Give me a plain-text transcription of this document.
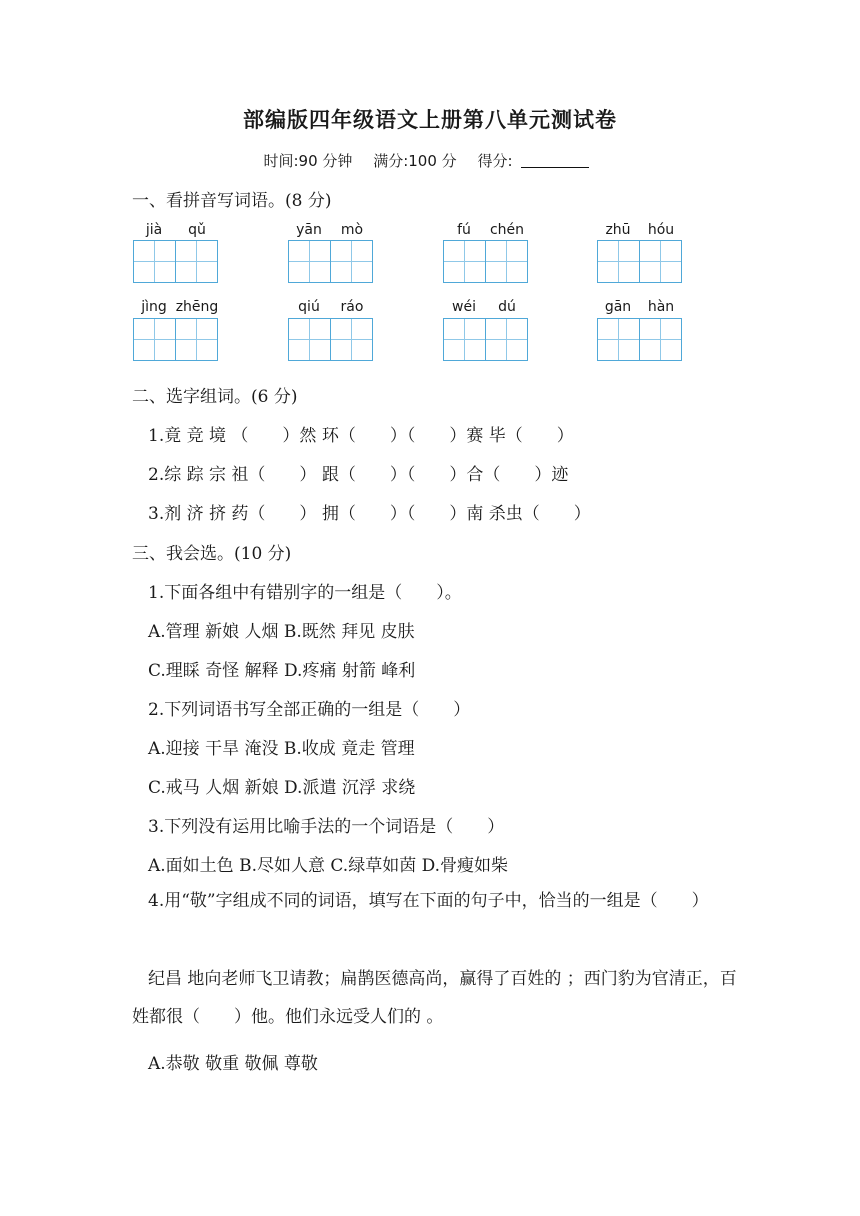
部编版四年级语文上册第八单元测试卷
时间:90 分钟 满分:100 分 得分:
一、看拼音写词语。(8 分)
jià qǔ	yān mò	fú chén	zhū hóu
jìng zhēng	qiú ráo	wéi dú	gān hàn
二、选字组词。(6 分)
1.竟 竞 境 （　　）然 环（　　）（　　）赛 毕（　　）
2.综 踪 宗 祖（　　） 跟（　　）（　　）合（　　）迹
3.剂 济 挤 药（　　） 拥（　　）（　　）南 杀虫（　　）
三、我会选。(10 分)
1.下面各组中有错别字的一组是（　　）。
A.管理 新娘 人烟 B.既然 拜见 皮肤
C.理睬 奇怪 解释 D.疼痛 射箭 峰利
2.下列词语书写全部正确的一组是（　　）
A.迎接 干旱 淹没 B.收成 竟走 管理
C.戒马 人烟 新娘 D.派遣 沉浮 求绕
3.下列没有运用比喻手法的一个词语是（　　）
A.面如土色 B.尽如人意 C.绿草如茵 D.骨瘦如柴
4.用“敬”字组成不同的词语，填写在下面的句子中，恰当的一组是（　　）
纪昌 地向老师飞卫请教；扁鹊医德高尚，赢得了百姓的 ；西门豹为官清正，百姓都很（　　）他。他们永远受人们的 。
A.恭敬 敬重 敬佩 尊敬
